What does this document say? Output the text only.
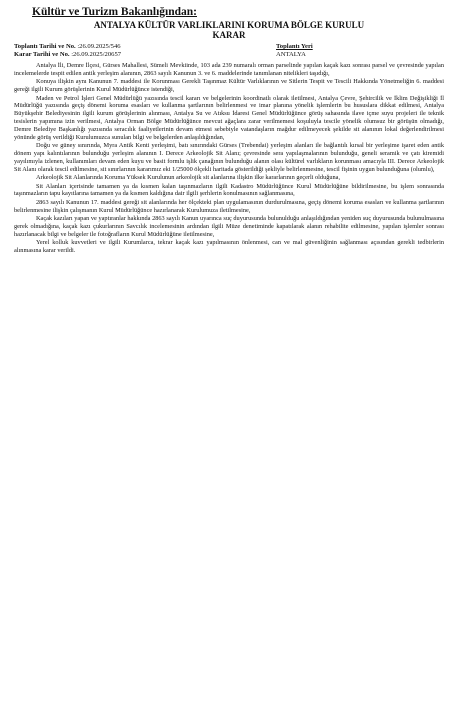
Kültür ve Turizm Bakanlığından:
ANTALYA KÜLTÜR VARLIKLARINI KORUMA BÖLGE KURULU
KARAR
Toplantı Tarihi ve No. :26.09.2025/546	Toplantı Yeri
Karar Tarihi ve No. :26.09.2025/20657	ANTALYA

Antalya İli, Demre İlçesi, Gürses Mahallesi, Sümeli Mevkiinde, 103 ada 239 numaralı orman parselinde yapılan kaçak kazı sonrası parsel ve çevresinde yapılan incelemelerde tespit edilen antik yerleşim alanının, 2863 sayılı Kanunun 3. ve 6. maddelerinde tanımlanan nitelikleri taşıdığı,

Konuya ilişkin aynı Kanunun 7. maddesi ile Korunması Gerekli Taşınmaz Kültür Varlıklarının ve Sitlerin Tespit ve Tescili Hakkında Yönetmeliğin 6. maddesi gereği ilgili Kurum görüşlerinin Kurul Müdürlüğünce istendiği,

Maden ve Petrol İşleri Genel Müdürlüğü yazısında tescil kararı ve belgelerinin koordinatlı olarak iletilmesi, Antalya Çevre, Şehircilik ve İklim Değişikliği İl Müdürlüğü yazısında geçiş dönemi koruma esasları ve kullanma şartlarının belirlenmesi ve imar planına yönelik işlemlerin bu hususlara dikkat edilmesi, Antalya Büyükşehir Belediyesinin ilgili kurum görüşlerinin alınması, Antalya Su ve Atıksu İdaresi Genel Müdürlüğünce görüş sahasında ilave içme suyu projeleri ile teknik tesislerin yapımına izin verilmesi, Antalya Orman Bölge Müdürlüğünce mevcut ağaçlara zarar verilmemesi koşuluyla tescile yönelik olumsuz bir görüşün olmadığı, Demre Belediye Başkanlığı yazısında seracılık faaliyetlerinin devam etmesi sebebiyle vatandaşların mağdur edilmeyecek şekilde sit alanının lokal değerlendirilmesi yönünde görüş verildiği Kurulumuzca sunulan bilgi ve belgelerden anlaşıldığından,

Doğu ve güney sınırında, Myra Antik Kenti yerleşimi, batı sınırındaki Gürses (Trebendai) yerleşim alanları ile bağlantılı kırsal bir yerleşime işaret eden antik dönem yapı kalıntılarının bulunduğu yerleşim alanının I. Derece Arkeolojik Sit Alanı; çevresinde sera yapılaşmalarının bulunduğu, geneli seramik ve çatı kiremidi yayılımıyla izlenen, kullanımları devam eden kuyu ve basit formlu işlik çanağının bulunduğu alanın olası kültürel varlıkların korunması amacıyla III. Derece Arkeolojik Sit Alanı olarak tescil edilmesine, sit sınırlarının kararımız eki 1/25000 ölçekli haritada gösterildiği şekliyle belirlenmesine, tescil fişinin uygun bulunduğuna (olumlu),

Arkeolojik Sit Alanlarında Koruma Yüksek Kurulunun arkeolojik sit alanlarına ilişkin ilke kararlarının geçerli olduğuna,

Sit Alanları içerisinde tamamen ya da kısmen kalan taşınmazların ilgili Kadastro Müdürlüğünce Kurul Müdürlüğüne bildirilmesine, bu işlem sonrasında taşınmazların tapu kayıtlarına tamamen ya da kısmen kaldığına dair ilgili şerhlerin konulmasının sağlanmasına,

2863 sayılı Kanunun 17. maddesi gereği sit alanlarında her ölçekteki plan uygulamasının durdurulmasına, geçiş dönemi koruma esasları ve kullanma şartlarının belirlenmesine ilişkin çalışmanın Kurul Müdürlüğünce hazırlanarak Kurulumuza iletilmesine,

Kaçak kazıları yapan ve yaptıranlar hakkında 2863 sayılı Kanun uyarınca suç duyurusunda bulunulduğu anlaşıldığından yeniden suç duyurusunda bulunulmasına gerek olmadığına, kaçak kazı çukurlarının Savcılık incelemesinin ardından ilgili Müze denetiminde kapatılarak alanın rehabilite edilmesine, yapılan işlemler sonrası hazırlanacak bilgi ve belgeler ile fotoğrafların Kurul Müdürlüğüne iletilmesine,

Yerel kolluk kuvvetleri ve ilgili Kurumlarca, tekrar kaçak kazı yapılmasının önlenmesi, can ve mal güvenliğinin sağlanması açısından gerekli tedbirlerin alınmasına karar verildi.
